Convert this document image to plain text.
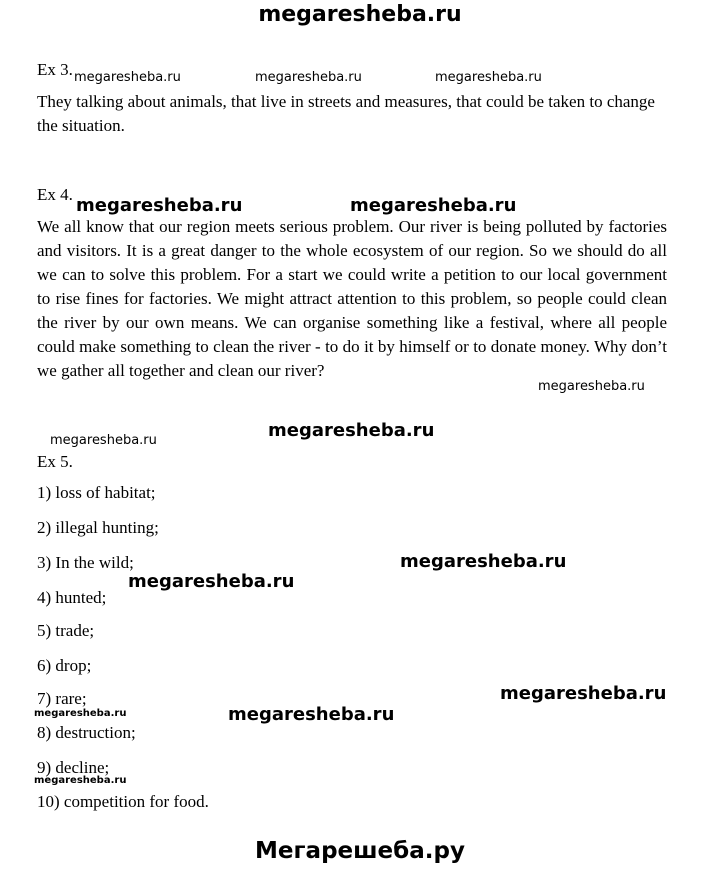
megaresheba.ru
Ex 3. megaresheba.ru	megaresheba.ru	megaresheba.ru
They talking about animals, that live in streets and measures, that could be taken to change the situation.
Ex 4.
megaresheba.ru	megaresheba.ru
We all know that our region meets serious problem. Our river is being polluted by factories and visitors. It is a great danger to the whole ecosystem of our region. So we should do all we can to solve this problem. For a start we could write a petition to our local government to rise fines for factories. We might attract attention to this problem, so people could clean the river by our own means. We can organise something like a festival, where all people could make something to clean the river - to do it by himself or to donate money. Why don’t we gather all together and clean our river?
megaresheba.ru
megaresheba.ru	megaresheba.ru
Ex 5.
1) loss of habitat;
2) illegal hunting;
3) In the wild;	megaresheba.ru
megaresheba.ru
4) hunted;
5) trade;
6) drop;
7) rare;	megaresheba.ru
megaresheba.ru	megaresheba.ru
8) destruction;
9) decline;
megaresheba.ru
10) competition for food.
Мегарешеба.ру
